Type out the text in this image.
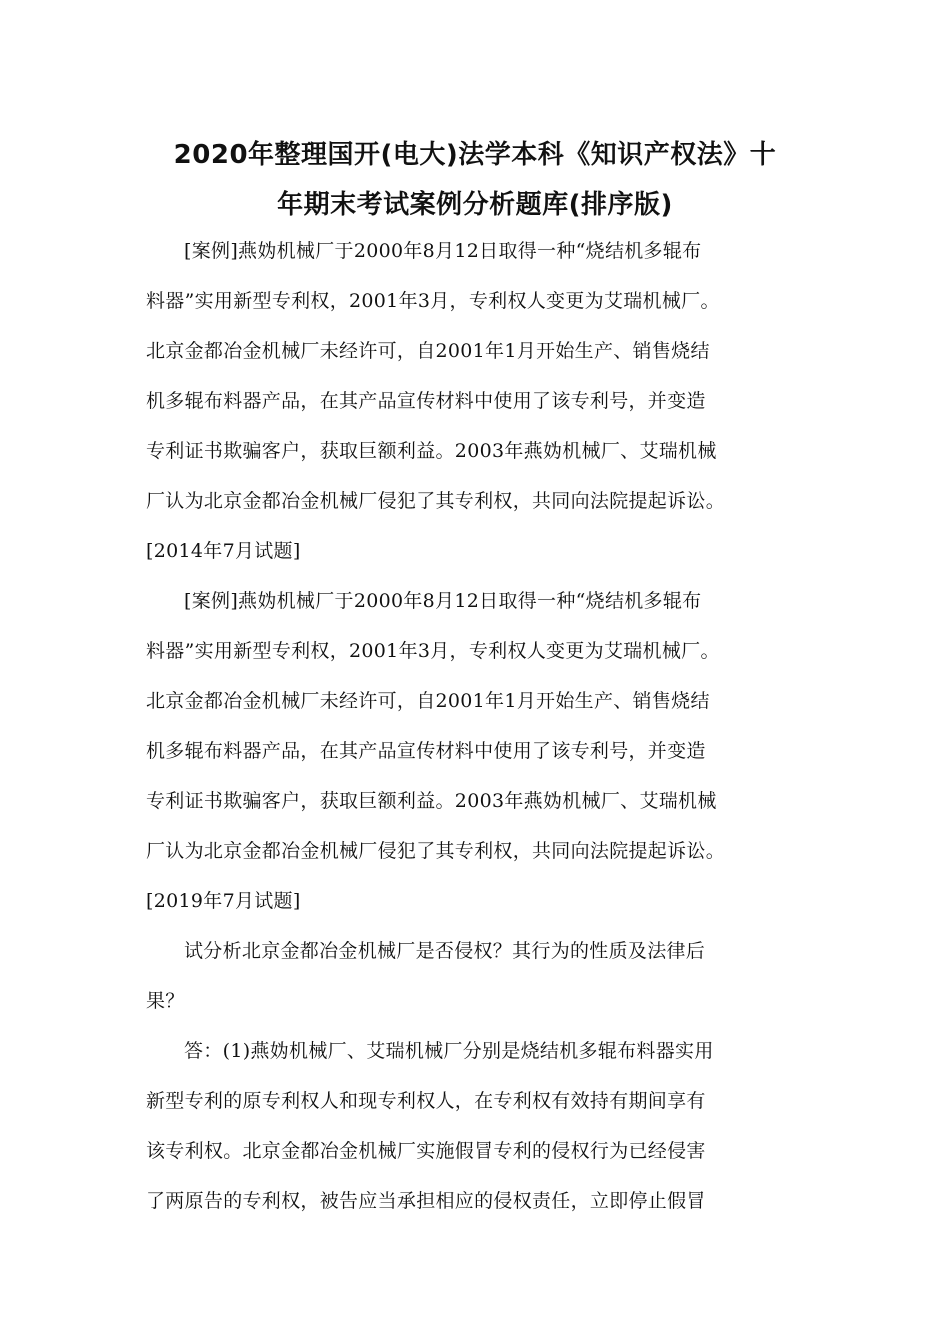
2020年整理国开(电大)法学本科《知识产权法》十
年期末考试案例分析题库(排序版)

[案例]燕妫机械厂于2000年8月12日取得一种“烧结机多辊布
料器”实用新型专利权，2001年3月，专利权人变更为艾瑞机械厂。
北京金都冶金机械厂未经许可，自2001年1月开始生产、销售烧结
机多辊布料器产品，在其产品宣传材料中使用了该专利号，并变造
专利证书欺骗客户，获取巨额利益。2003年燕妫机械厂、艾瑞机械
厂认为北京金都冶金机械厂侵犯了其专利权，共同向法院提起诉讼。
[2014年7月试题]

[案例]燕妫机械厂于2000年8月12日取得一种“烧结机多辊布
料器”实用新型专利权，2001年3月，专利权人变更为艾瑞机械厂。
北京金都冶金机械厂未经许可，自2001年1月开始生产、销售烧结
机多辊布料器产品，在其产品宣传材料中使用了该专利号，并变造
专利证书欺骗客户，获取巨额利益。2003年燕妫机械厂、艾瑞机械
厂认为北京金都冶金机械厂侵犯了其专利权，共同向法院提起诉讼。
[2019年7月试题]

试分析北京金都冶金机械厂是否侵权？其行为的性质及法律后
果？

答：(1)燕妫机械厂、艾瑞机械厂分别是烧结机多辊布料器实用
新型专利的原专利权人和现专利权人，在专利权有效持有期间享有
该专利权。北京金都冶金机械厂实施假冒专利的侵权行为已经侵害
了两原告的专利权，被告应当承担相应的侵权责任，立即停止假冒
